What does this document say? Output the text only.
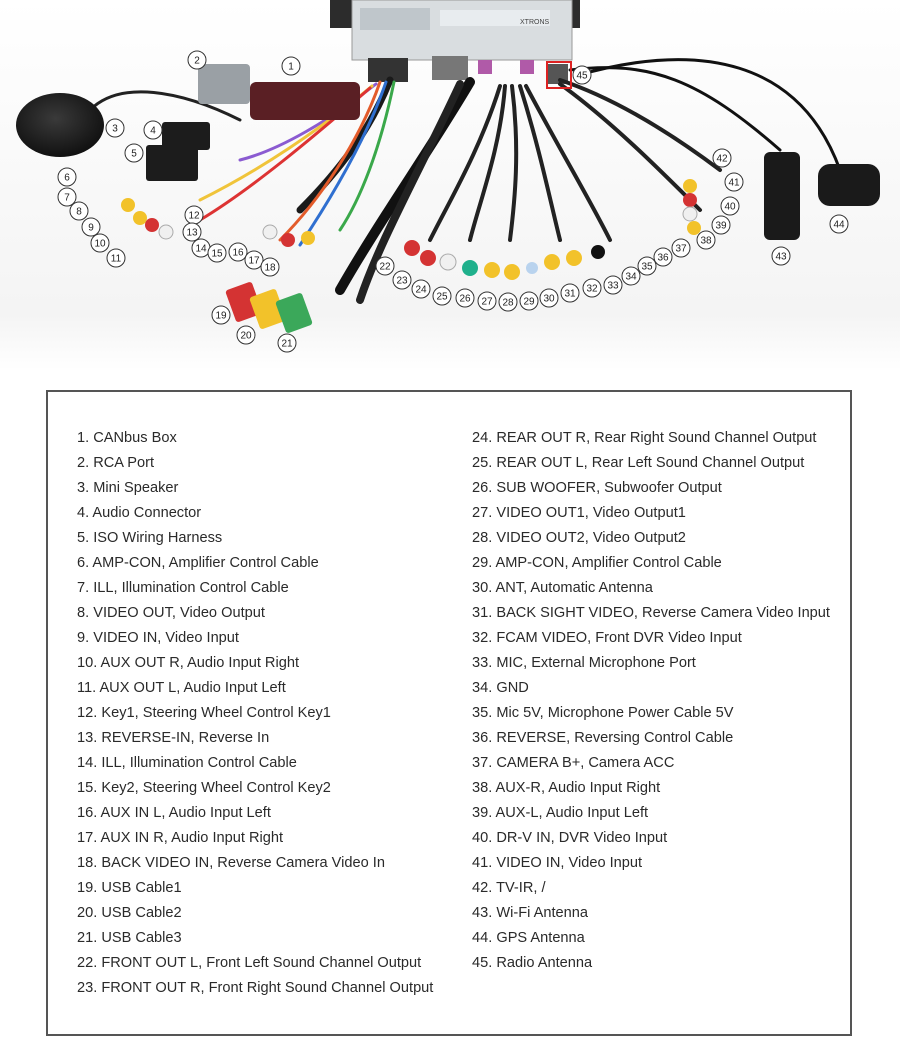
XTRONS
1
2
3	4
5
6
7
8
9
10
11
12
13
14 15 16
17
18
19
20
21
22
23
24
25 26 27 28 29 30 31 32 33
34
35
36
37
38
39
40
41
42
43
44
45
1. CANbus Box
2. RCA Port
3. Mini Speaker
4. Audio Connector
5. ISO Wiring Harness
6. AMP-CON, Amplifier Control Cable
7. ILL, Illumination Control Cable
8. VIDEO OUT, Video Output
9. VIDEO IN, Video Input
10. AUX OUT R, Audio Input Right
11. AUX OUT L, Audio Input Left
12. Key1, Steering Wheel Control Key1
13. REVERSE-IN, Reverse In
14. ILL, Illumination Control Cable
15. Key2, Steering Wheel Control Key2
16. AUX IN L, Audio Input Left
17. AUX IN R, Audio Input Right
18. BACK VIDEO IN, Reverse Camera Video In
19. USB Cable1
20. USB Cable2
21. USB Cable3
22. FRONT OUT L, Front Left Sound Channel Output
23. FRONT OUT R, Front Right Sound Channel Output
24. REAR OUT R, Rear Right Sound Channel Output
25. REAR OUT L, Rear Left Sound Channel Output
26. SUB WOOFER, Subwoofer Output
27. VIDEO OUT1, Video Output1
28. VIDEO OUT2, Video Output2
29. AMP-CON, Amplifier Control Cable
30. ANT, Automatic Antenna
31. BACK SIGHT VIDEO, Reverse Camera Video Input
32. FCAM VIDEO, Front DVR Video Input
33. MIC, External Microphone Port
34. GND
35. Mic 5V, Microphone Power Cable 5V
36. REVERSE, Reversing Control Cable
37. CAMERA B+, Camera ACC
38. AUX-R, Audio Input Right
39. AUX-L, Audio Input Left
40. DR-V IN, DVR Video Input
41. VIDEO IN, Video Input
42. TV-IR, /
43. Wi-Fi Antenna
44. GPS Antenna
45. Radio Antenna
